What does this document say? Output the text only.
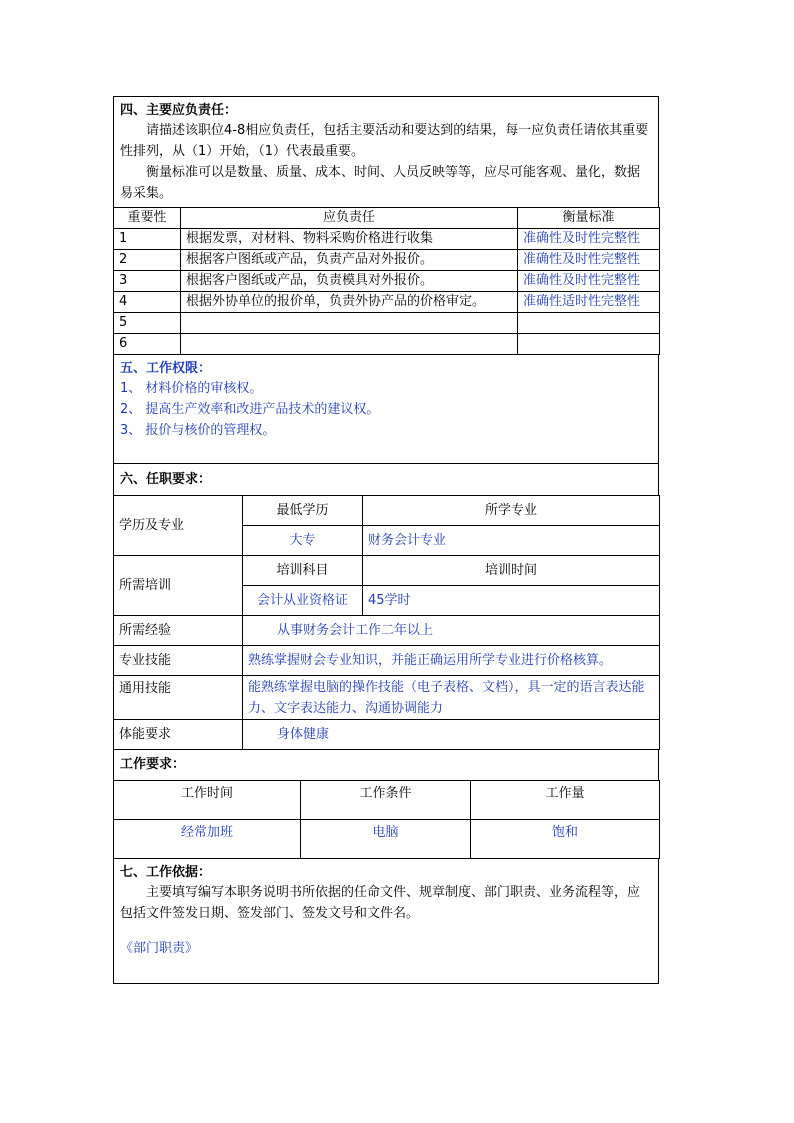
四、主要应负责任：

请描述该职位4-8相应负责任，包括主要活动和要达到的结果，每一应负责任请依其重要性排列，从（1）开始，（1）代表最重要。

衡量标准可以是数量、质量、成本、时间、人员反映等等，应尽可能客观、量化，数据易采集。

重要性	应负责任	衡量标准
1	根据发票，对材料、物料采购价格进行收集	准确性及时性完整性
2	根据客户图纸或产品，负责产品对外报价。	准确性及时性完整性
3	根据客户图纸或产品，负责模具对外报价。	准确性及时性完整性
4	根据外协单位的报价单，负责外协产品的价格审定。	准确性适时性完整性
5		
6		
五、工作权限：
1、 材料价格的审核权。
2、 提高生产效率和改进产品技术的建议权。
3、 报价与核价的管理权。
六、任职要求：
学历及专业	最低学历	所学专业
	大专	财务会计专业
所需培训	培训科目	培训时间
	会计从业资格证	45学时
所需经验	从事财务会计工作二年以上	
专业技能	熟练掌握财会专业知识，并能正确运用所学专业进行价格核算。	
通用技能	能熟练掌握电脑的操作技能（电子表格、文档），具一定的语言表达能力、文字表达能力、沟通协调能力	
体能要求	身体健康	
工作要求：
工作时间	工作条件	工作量
经常加班	电脑	饱和
七、工作依据：

主要填写编写本职务说明书所依据的任命文件、规章制度、部门职责、业务流程等，应包括文件签发日期、签发部门、签发文号和文件名。

《部门职责》
